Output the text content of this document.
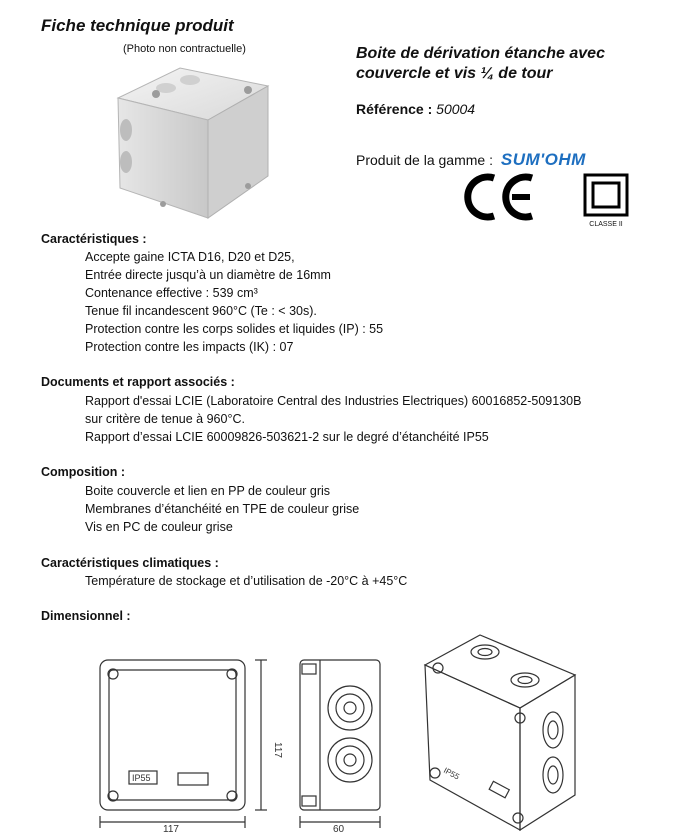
Fiche technique produit
(Photo non contractuelle)	Boite de dérivation étanche avec
couvercle et vis ¼ de tour
Référence : 50004
Produit de la gamme : SUM'OHM
CLASSE II
Caractéristiques :
Accepte gaine ICTA D16, D20 et D25,
Entrée directe jusqu’à un diamètre de 16mm
Contenance effective : 539 cm³
Tenue fil incandescent 960°C (Te : < 30s).
Protection contre les corps solides et liquides (IP) : 55
Protection contre les impacts (IK) : 07
Documents et rapport associés :
Rapport d'essai LCIE (Laboratoire Central des Industries Electriques) 60016852-509130B
sur critère de tenue à 960°C.
Rapport d’essai LCIE 60009826-503621-2 sur le degré d’étanchéité IP55
Composition :
Boite couvercle et lien en PP de couleur gris
Membranes d’étanchéité en TPE de couleur grise
Vis en PC de couleur grise
Caractéristiques climatiques :
Température de stockage et d’utilisation de -20°C à +45°C
Dimensionnel :
IP55
117
117
60
IP55
